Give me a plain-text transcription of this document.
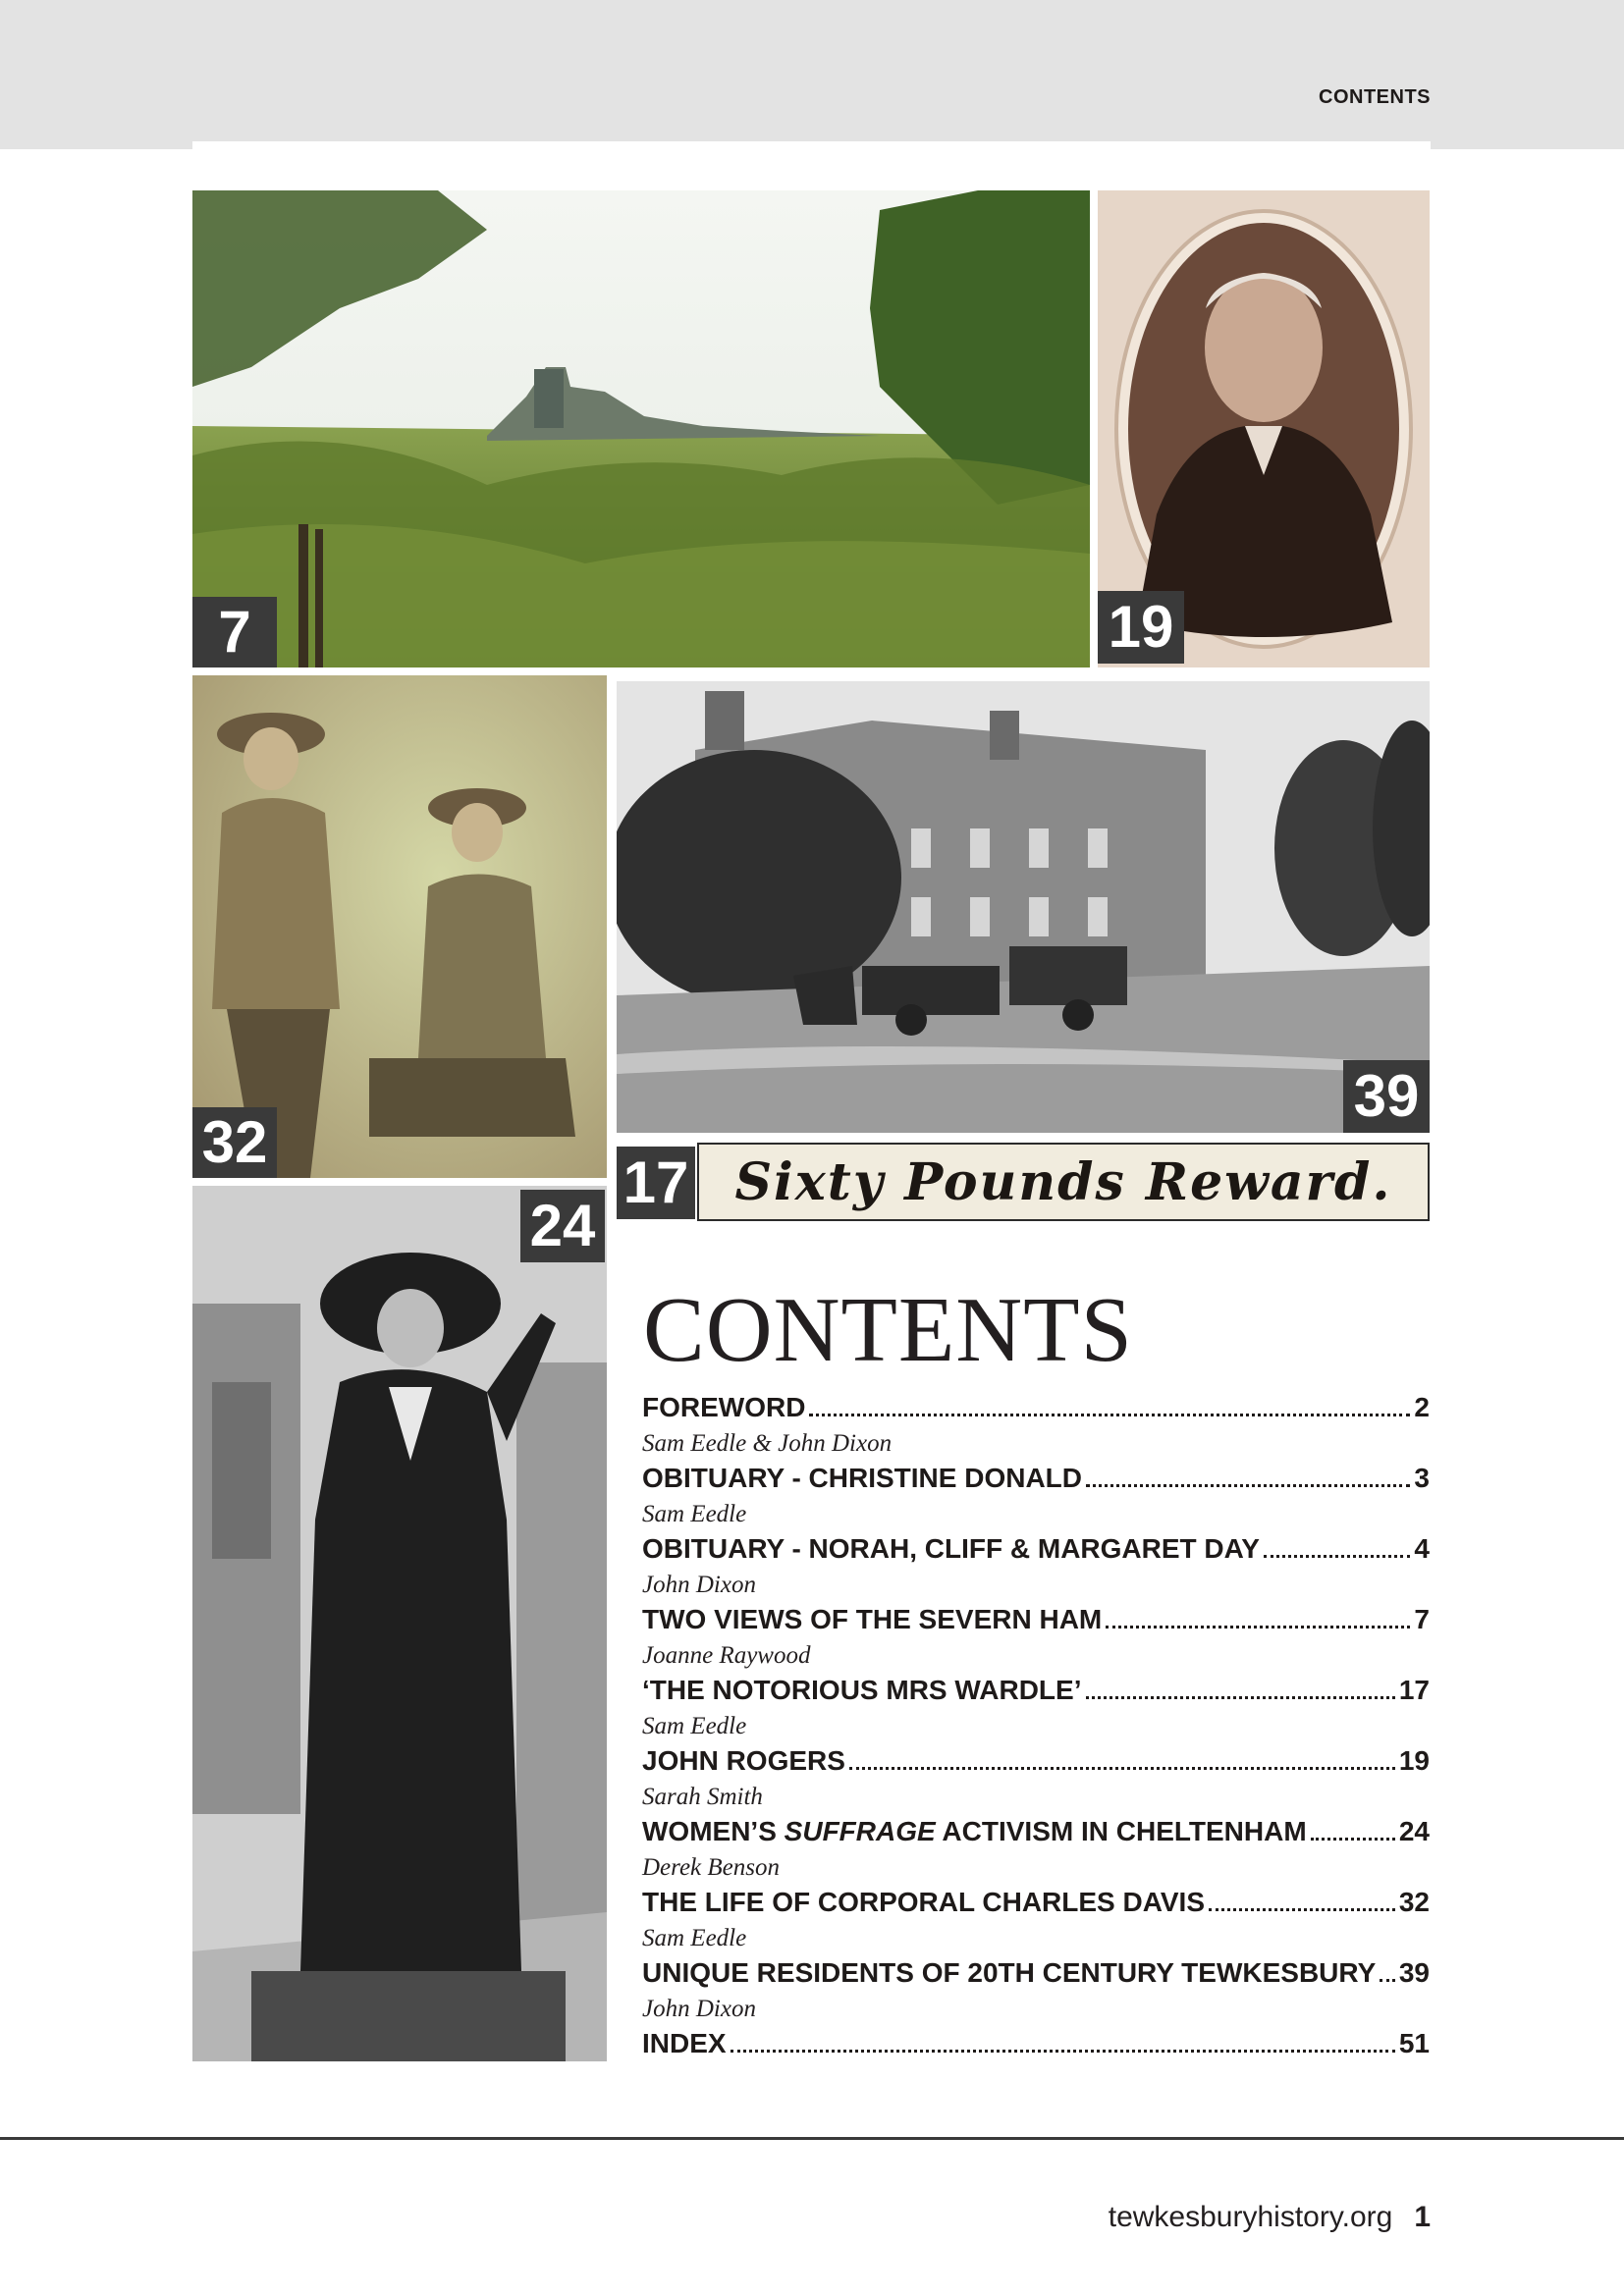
CONTENTS
7	19
32
39
17 Sixty Pounds Reward.
24
CONTENTS
FOREWORD	2
Sam Eedle & John Dixon
OBITUARY - CHRISTINE DONALD	3
Sam Eedle
OBITUARY - NORAH, CLIFF & MARGARET DAY	4
John Dixon
TWO VIEWS OF THE SEVERN HAM	7
Joanne Raywood
‘THE NOTORIOUS MRS WARDLE’	17
Sam Eedle
JOHN ROGERS	19
Sarah Smith
WOMEN’S SUFFRAGE ACTIVISM IN CHELTENHAM	24
Derek Benson
THE LIFE OF CORPORAL CHARLES DAVIS	32
Sam Eedle
UNIQUE RESIDENTS OF 20TH CENTURY TEWKESBURY 39
John Dixon
INDEX	51
tewkesburyhistory.org 1
